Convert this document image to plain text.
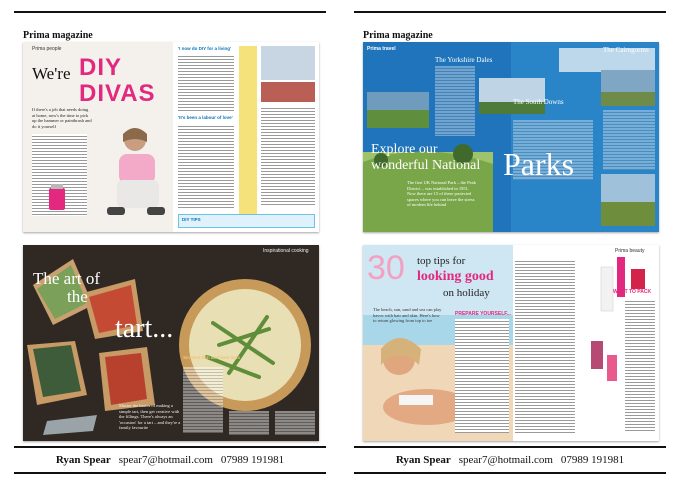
Prima magazine
Prima people
We're DIY
DIVAS
If there's a job that needs doing at home, now's the time to pick up the hammer or paintbrush and do it yourself
'I now do DIY for a living'
'It's been a labour of love'
DIY TIPS
Inspirational cooking
The art of
the
tart...
Master the basics of making a simple tart, then get creative with the fillings. There's always an 'occasion' for a tart – and they're a family favourite
Smoked fish and leek tarts
Ryan Spear spear7@hotmail.com 07989 191981
Prima magazine
Prima travel
The Yorkshire Dales
The South Downs
The Cairngorms
Explore our
wonderful National Parks
The first UK National Park – the Peak District – was established in 1951. Now there are 15 of these protected spaces where you can leave the stress of modern life behind
Prima beauty
30 top tips for
looking good
on holiday
The beach, sun, sand and sea can play havoc with hair and skin. Here's how to return glowing from top to toe
PREPARE YOURSELF...
WHAT TO PACK
Ryan Spear spear7@hotmail.com 07989 191981
